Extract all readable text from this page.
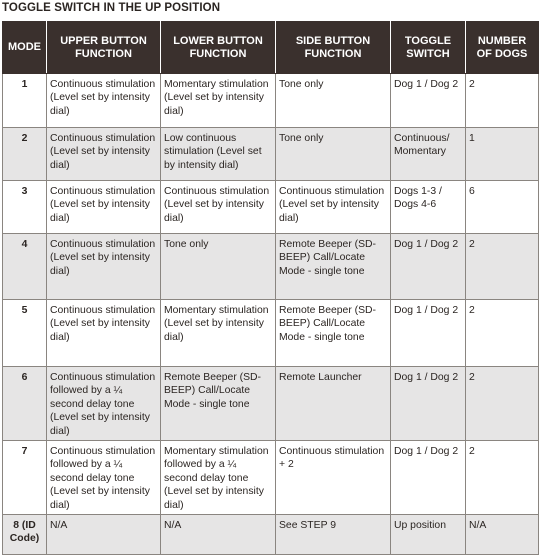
TOGGLE SWITCH IN THE UP POSITION
MODE	UPPER BUTTON FUNCTION	LOWER BUTTON FUNCTION	SIDE BUTTON FUNCTION	TOGGLE SWITCH	NUMBER OF DOGS
1	Continuous stimulation (Level set by intensity dial)	Momentary stimulation (Level set by intensity dial)	Tone only	Dog 1 / Dog 2	2
2	Continuous stimulation (Level set by intensity dial)	Low continuous stimulation (Level set by intensity dial)	Tone only	Continuous/ Momentary	1
3	Continuous stimulation (Level set by intensity dial)	Continuous stimulation (Level set by intensity dial)	Continuous stimulation (Level set by intensity dial)	Dogs 1-3 / Dogs 4-6	6
4	Continuous stimulation (Level set by intensity dial)	Tone only	Remote Beeper (SD-BEEP) Call/Locate Mode - single tone	Dog 1 / Dog 2	2
5	Continuous stimulation (Level set by intensity dial)	Momentary stimulation (Level set by intensity dial)	Remote Beeper (SD-BEEP) Call/Locate Mode - single tone	Dog 1 / Dog 2	2
6	Continuous stimulation followed by a ¼ second delay tone (Level set by intensity dial)	Remote Beeper (SD-BEEP) Call/Locate Mode - single tone	Remote Launcher	Dog 1 / Dog 2	2
7	Continuous stimulation followed by a ¼ second delay tone (Level set by intensity dial)	Momentary stimulation followed by a ¼ second delay tone (Level set by intensity dial)	Continuous stimulation + 2	Dog 1 / Dog 2	2
8 (ID Code)	N/A	N/A	See STEP 9	Up position	N/A
